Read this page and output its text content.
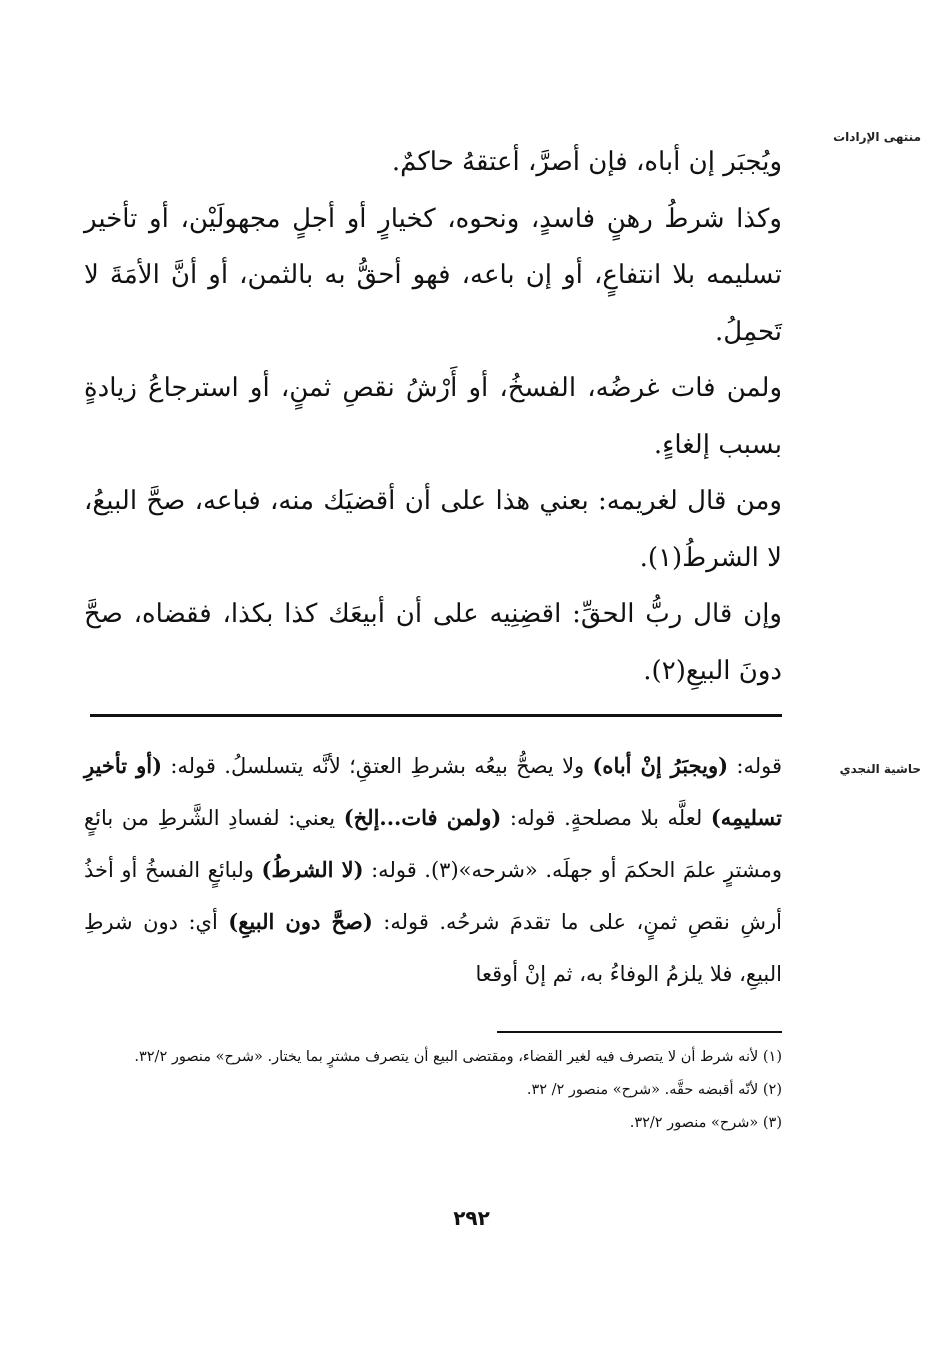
منتهى الإرادات
حاشية النجدي

ويُجبَر إن أباه، فإن أصرَّ، أعتقهُ حاكمٌ.

وكذا شرطُ رهنٍ فاسدٍ، ونحوه، كخيارٍ أو أجلٍ مجهولَيْن، أو تأخير تسليمه بلا انتفاعٍ، أو إن باعه، فهو أحقُّ به بالثمن، أو أنَّ الأمَةَ لا تَحمِلُ.

ولمن فات غرضُه، الفسخُ، أو أَرْشُ نقصِ ثمنٍ، أو استرجاعُ زيادةٍ بسبب إلغاءٍ.

ومن قال لغريمه: بعني هذا على أن أقضيَك منه، فباعه، صحَّ البيعُ، لا الشرطُ(١).

وإن قال ربُّ الحقِّ: اقضِنِيه على أن أبيعَك كذا بكذا، فقضاه، صحَّ دونَ البيعِ(٢).

قوله: (ويجبَرُ إنْ أباه) ولا يصحُّ بيعُه بشرطِ العتقِ؛ لأنَّه يتسلسلُ. قوله: (أو تأخيرِ تسليمِه) لعلَّه بلا مصلحةٍ. قوله: (ولمن فات...إلخ) يعني: لفسادِ الشَّرطِ من بائعٍ ومشترٍ علمَ الحكمَ أو جهلَه. «شرحه»(٣). قوله: (لا الشرطُ) ولبائعٍ الفسخُ أو أخذُ أرشِ نقصِ ثمنٍ، على ما تقدمَ شرحُه. قوله: (صحَّ دون البيعِ) أي: دون شرطِ البيعِ، فلا يلزمُ الوفاءُ به، ثم إنْ أوقعا

(١) لأنه شرط أن لا يتصرف فيه لغير القضاء، ومقتضى البيع أن يتصرف مشترٍ بما يختار. «شرح» منصور ٣٢/٢.

(٢) لأنّه أقبضه حقَّه. «شرح» منصور ٢/ ٣٢.

(٣) «شرح» منصور ٣٢/٢.

٢٩٢
